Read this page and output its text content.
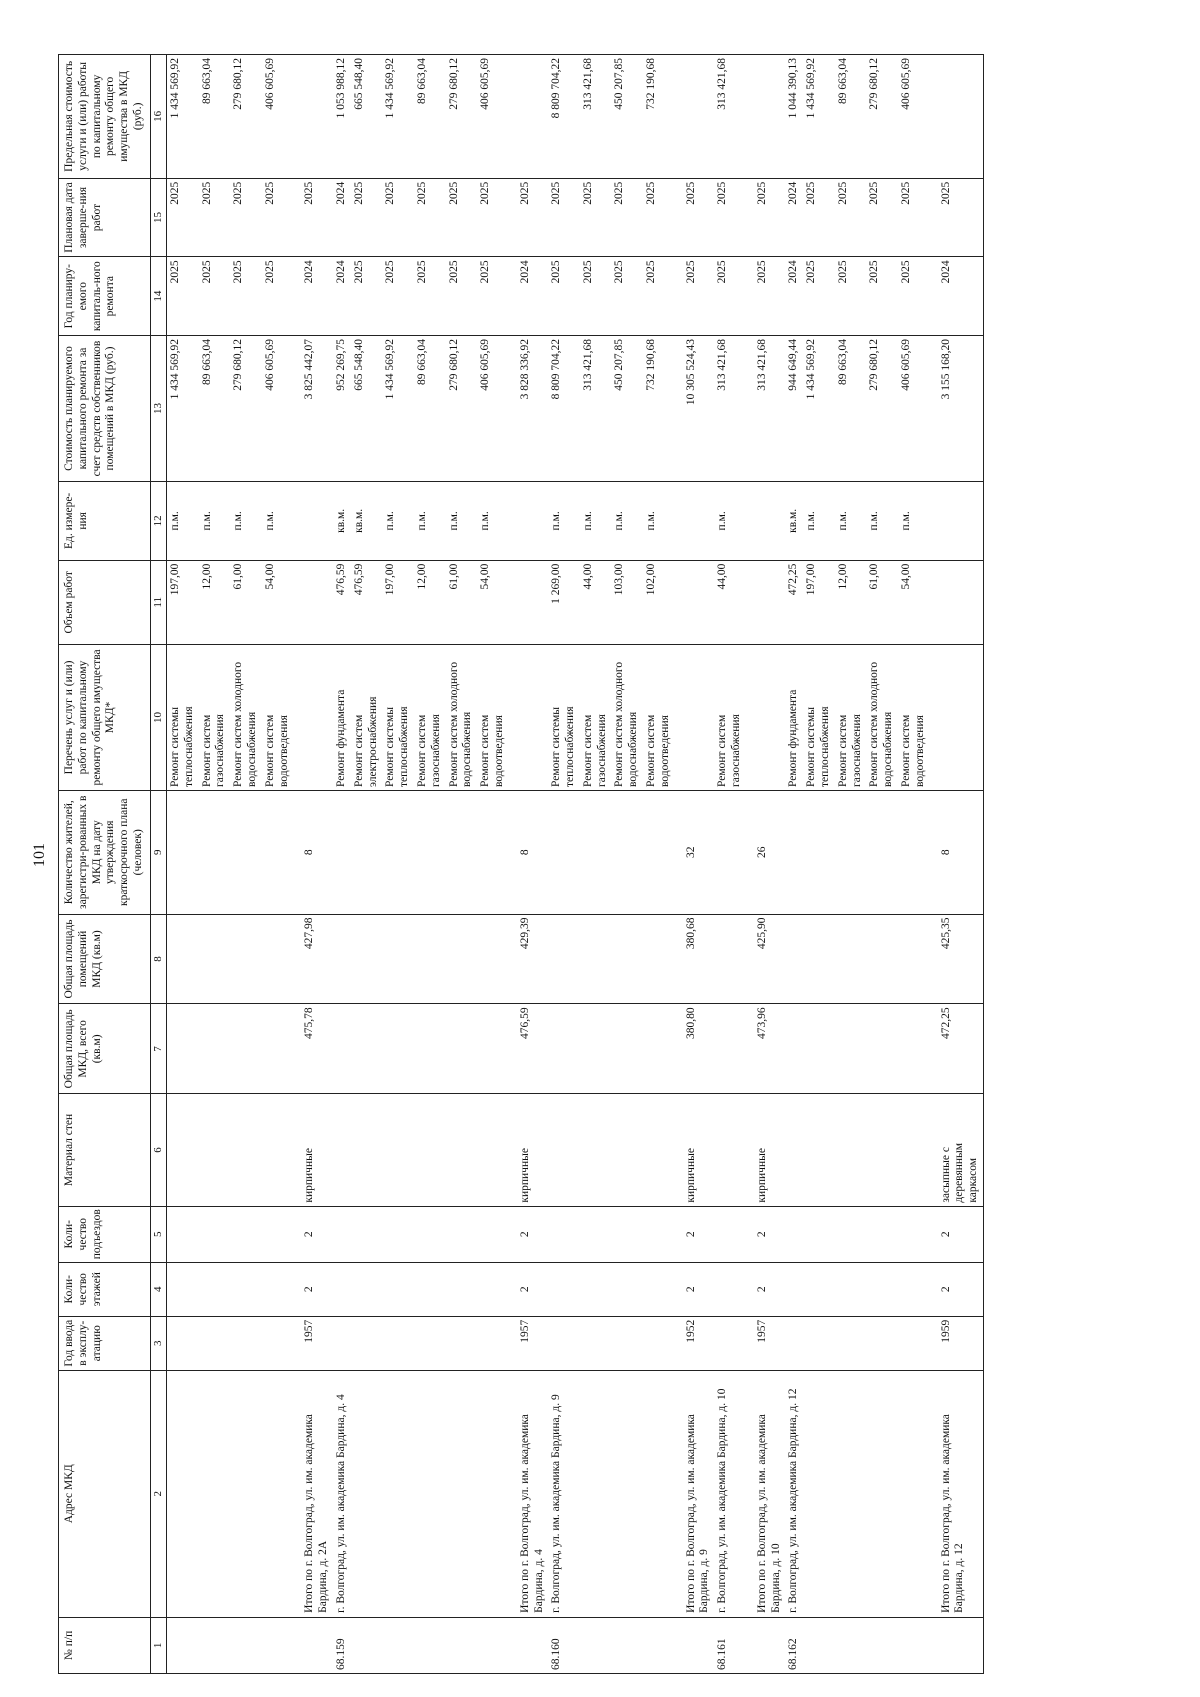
101
№ п/п	Адрес МКД	Год ввода в эксплу-атацию	Коли-чество этажей	Коли-чество подъездов	Материал стен	Общая площадь МКД, всего (кв.м)	Общая площадь помещений МКД (кв.м)	Количество жителей, зарегистри-рованных в МКД на дату утверждения краткосрочного плана (человек)	Перечень услуг и (или) работ по капитальному ремонту общего имущества МКД*	Объем работ	Ед. измере-ния	Стоимость планируемого капитального ремонта за счет средств собственников помещений в МКД (руб.)	Год планиру-емого капиталь-ного ремонта	Плановая дата заверше-ния работ	Предельная стоимость услуги и (или) работы по капитальному ремонту общего имущества в МКД (руб.)
1	2	3	4	5	6	7	8	9	10	11	12	13	14	15	16
									Ремонт системы теплоснабжения	197,00	п.м.	1 434 569,92	2025	2025	1 434 569,92
									Ремонт систем газоснабжения	12,00	п.м.	89 663,04	2025	2025	89 663,04
									Ремонт систем холодного водоснабжения	61,00	п.м.	279 680,12	2025	2025	279 680,12
									Ремонт систем водоотведения	54,00	п.м.	406 605,69	2025	2025	406 605,69
	Итого по г. Волгоград, ул. им. академика Бардина, д. 2А	1957	2	2	кирпичные	475,78	427,98	8				3 825 442,07	2024	2025	
68.159	г. Волгоград, ул. им. академика Бардина, д. 4								Ремонт фундамента	476,59	кв.м.	952 269,75	2024	2024	1 053 988,12
									Ремонт систем электроснабжения	476,59	кв.м.	665 548,40	2025	2025	665 548,40
									Ремонт системы теплоснабжения	197,00	п.м.	1 434 569,92	2025	2025	1 434 569,92
									Ремонт систем газоснабжения	12,00	п.м.	89 663,04	2025	2025	89 663,04
									Ремонт систем холодного водоснабжения	61,00	п.м.	279 680,12	2025	2025	279 680,12
									Ремонт систем водоотведения	54,00	п.м.	406 605,69	2025	2025	406 605,69
	Итого по г. Волгоград, ул. им. академика Бардина, д. 4	1957	2	2	кирпичные	476,59	429,39	8				3 828 336,92	2024	2025	
68.160	г. Волгоград, ул. им. академика Бардина, д. 9								Ремонт системы теплоснабжения	1 269,00	п.м.	8 809 704,22	2025	2025	8 809 704,22
									Ремонт систем газоснабжения	44,00	п.м.	313 421,68	2025	2025	313 421,68
									Ремонт систем холодного водоснабжения	103,00	п.м.	450 207,85	2025	2025	450 207,85
									Ремонт систем водоотведения	102,00	п.м.	732 190,68	2025	2025	732 190,68
	Итого по г. Волгоград, ул. им. академика Бардина, д. 9	1952	2	2	кирпичные	380,80	380,68	32				10 305 524,43	2025	2025	
68.161	г. Волгоград, ул. им. академика Бардина, д. 10								Ремонт систем газоснабжения	44,00	п.м.	313 421,68	2025	2025	313 421,68
	Итого по г. Волгоград, ул. им. академика Бардина, д. 10	1957	2	2	кирпичные	473,96	425,90	26				313 421,68	2025	2025	
68.162	г. Волгоград, ул. им. академика Бардина, д. 12								Ремонт фундамента	472,25	кв.м.	944 649,44	2024	2024	1 044 390,13
									Ремонт системы теплоснабжения	197,00	п.м.	1 434 569,92	2025	2025	1 434 569,92
									Ремонт систем газоснабжения	12,00	п.м.	89 663,04	2025	2025	89 663,04
									Ремонт систем холодного водоснабжения	61,00	п.м.	279 680,12	2025	2025	279 680,12
									Ремонт систем водоотведения	54,00	п.м.	406 605,69	2025	2025	406 605,69
	Итого по г. Волгоград, ул. им. академика Бардина, д. 12	1959	2	2	засыпные с деревянным каркасом	472,25	425,35	8				3 155 168,20	2024	2025	
